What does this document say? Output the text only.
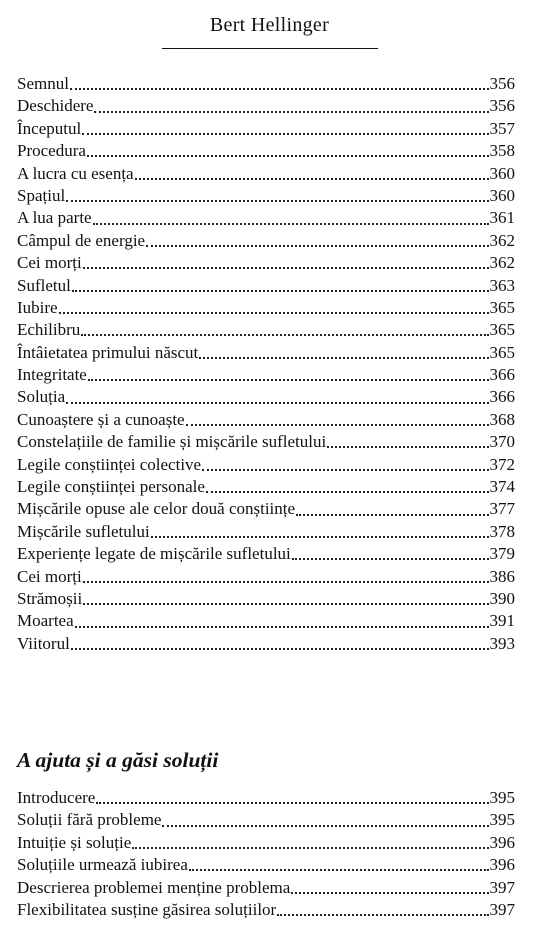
Bert Hellinger
Semnul	356
Deschidere	356
Începutul	357
Procedura	358
A lucra cu esența	360
Spațiul	360
A lua parte	361
Câmpul de energie	362
Cei morți	362
Sufletul	363
Iubire	365
Echilibru	365
Întâietatea primului născut	365
Integritate	366
Soluția	366
Cunoaștere și a cunoaște	368
Constelațiile de familie și mișcările sufletului	370
Legile conștiinței colective	372
Legile conștiinței personale	374
Mișcările opuse ale celor două conștiințe	377
Mișcările sufletului	378
Experiențe legate de mișcările sufletului	379
Cei morți	386
Strămoșii	390
Moartea	391
Viitorul	393
A ajuta și a găsi soluții
Introducere	395
Soluții fără probleme	395
Intuiție și soluție	396
Soluțiile urmează iubirea	396
Descrierea problemei menține problema	397
Flexibilitatea susține găsirea soluțiilor	397
